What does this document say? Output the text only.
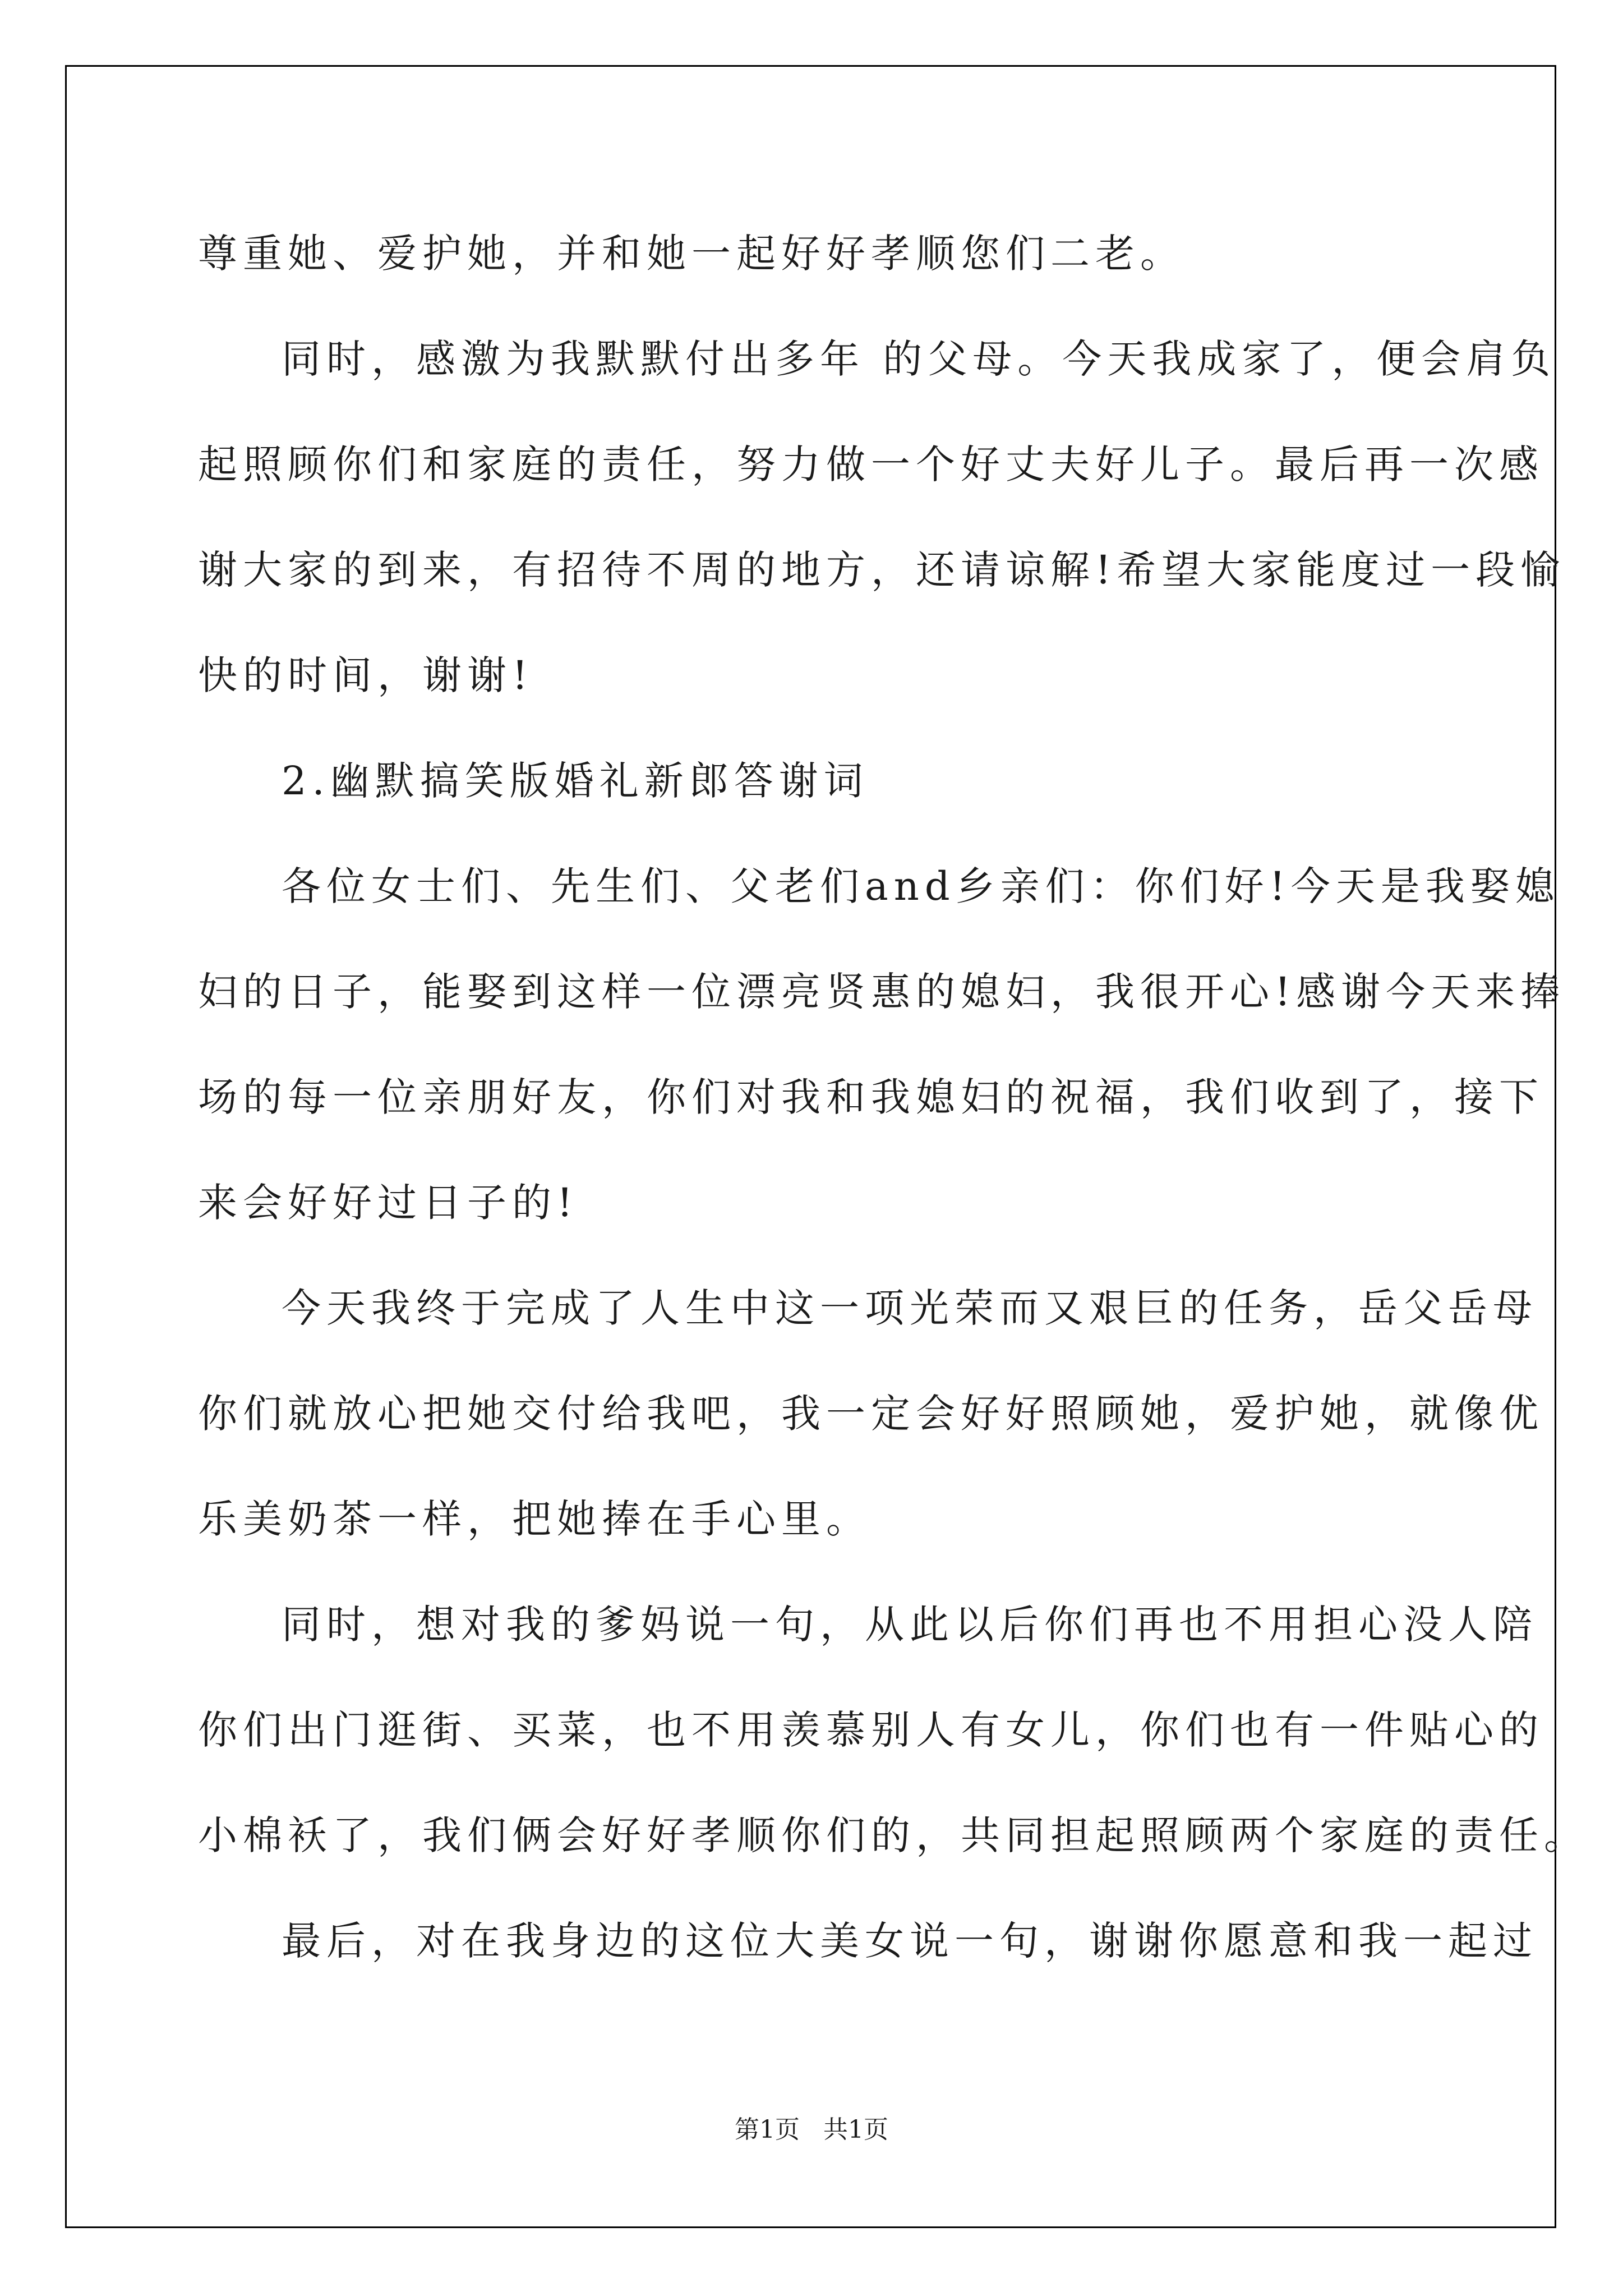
尊重她、爱护她，并和她一起好好孝顺您们二老。
同时，感激为我默默付出多年 的父母。今天我成家了，便会肩负
起照顾你们和家庭的责任，努力做一个好丈夫好儿子。最后再一次感
谢大家的到来，有招待不周的地方，还请谅解!希望大家能度过一段愉
快的时间，谢谢!
2.幽默搞笑版婚礼新郎答谢词
各位女士们、先生们、父老们and乡亲们：你们好!今天是我娶媳
妇的日子，能娶到这样一位漂亮贤惠的媳妇，我很开心!感谢今天来捧
场的每一位亲朋好友，你们对我和我媳妇的祝福，我们收到了，接下
来会好好过日子的!
今天我终于完成了人生中这一项光荣而又艰巨的任务，岳父岳母
你们就放心把她交付给我吧，我一定会好好照顾她，爱护她，就像优
乐美奶茶一样，把她捧在手心里。
同时，想对我的爹妈说一句，从此以后你们再也不用担心没人陪
你们出门逛街、买菜，也不用羡慕别人有女儿，你们也有一件贴心的
小棉袄了，我们俩会好好孝顺你们的，共同担起照顾两个家庭的责任。
最后，对在我身边的这位大美女说一句，谢谢你愿意和我一起过
第1页   共1页
